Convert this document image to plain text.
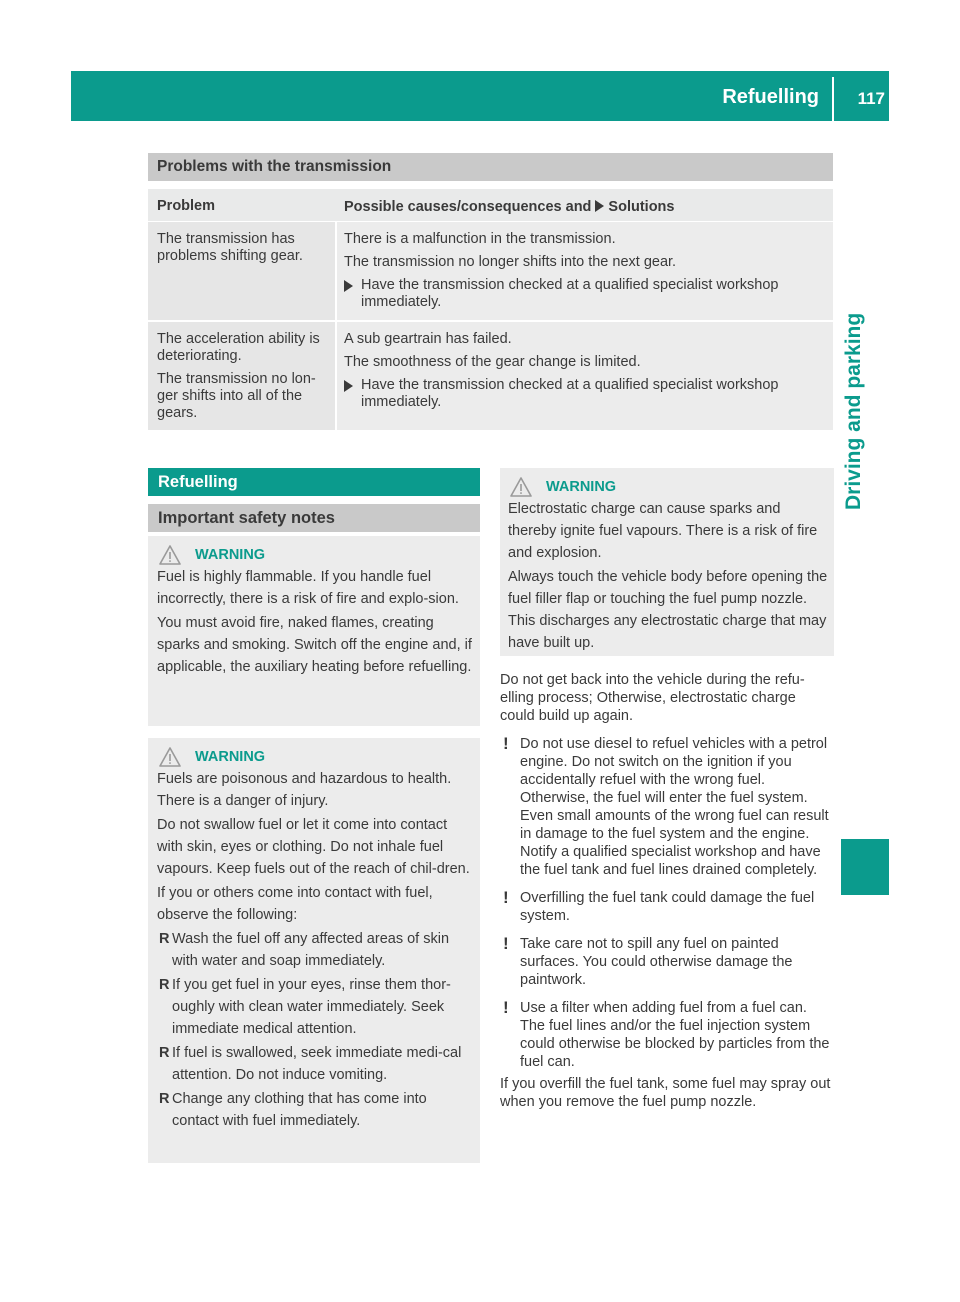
Refuelling 117
Driving and parking
Problems with the transmission
Problem	Possible causes/consequences and Solutions

The transmission has problems shifting gear.

There is a malfunction in the transmission.

The transmission no longer shifts into the next gear.

Have the transmission checked at a qualified specialist workshop immediately.

The acceleration ability is deteriorating.

The transmission no lon-ger shifts into all of the gears.

A sub geartrain has failed.

The smoothness of the gear change is limited.

Have the transmission checked at a qualified specialist workshop immediately.

Refuelling
Important safety notes
WARNING

Fuel is highly flammable. If you handle fuel incorrectly, there is a risk of fire and explo-sion.

You must avoid fire, naked flames, creating sparks and smoking. Switch off the engine and, if applicable, the auxiliary heating before refuelling.

WARNING

Fuels are poisonous and hazardous to health. There is a danger of injury.

Do not swallow fuel or let it come into contact with skin, eyes or clothing. Do not inhale fuel vapours. Keep fuels out of the reach of chil-dren.

If you or others come into contact with fuel, observe the following:

R Wash the fuel off any affected areas of skin with water and soap immediately.

R If you get fuel in your eyes, rinse them thor-oughly with clean water immediately. Seek immediate medical attention.

R If fuel is swallowed, seek immediate medi-cal attention. Do not induce vomiting.

R Change any clothing that has come into contact with fuel immediately.

WARNING

Electrostatic charge can cause sparks and thereby ignite fuel vapours. There is a risk of fire and explosion.

Always touch the vehicle body before opening the fuel filler flap or touching the fuel pump nozzle. This discharges any electrostatic charge that may have built up.

Do not get back into the vehicle during the refu-elling process; Otherwise, electrostatic charge could build up again.

! Do not use diesel to refuel vehicles with a petrol engine. Do not switch on the ignition if you accidentally refuel with the wrong fuel. Otherwise, the fuel will enter the fuel system. Even small amounts of the wrong fuel can result in damage to the fuel system and the engine. Notify a qualified specialist workshop and have the fuel tank and fuel lines drained completely.

! Overfilling the fuel tank could damage the fuel system.

! Take care not to spill any fuel on painted surfaces. You could otherwise damage the paintwork.

! Use a filter when adding fuel from a fuel can. The fuel lines and/or the fuel injection system could otherwise be blocked by particles from the fuel can.

If you overfill the fuel tank, some fuel may spray out when you remove the fuel pump nozzle.
